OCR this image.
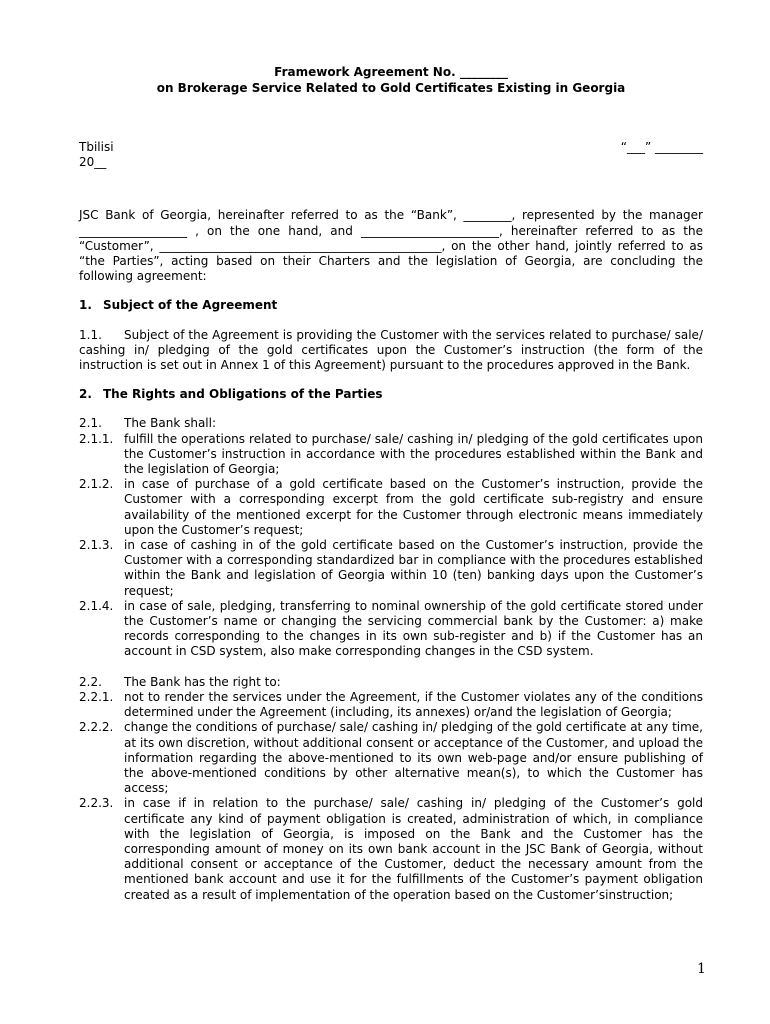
Framework Agreement No. ________

on Brokerage Service Related to Gold Certificates Existing in Georgia

Tbilisi	“___” ________
20__

JSC Bank of Georgia, hereinafter referred to as the “Bank”, ________, represented by the manager __________________ , on the one hand, and _______________________, hereinafter referred to as the “Customer”, _______________________________________________, on the other hand, jointly referred to as “the Parties”, acting based on their Charters and the legislation of Georgia, are concluding the following agreement:

1. Subject of the Agreement

1.1. Subject of the Agreement is providing the Customer with the services related to purchase/ sale/ cashing in/ pledging of the gold certificates upon the Customer’s instruction (the form of the instruction is set out in Annex 1 of this Agreement) pursuant to the procedures approved in the Bank.

2. The Rights and Obligations of the Parties
2.1.	The Bank shall:
2.1.1. fulfill the operations related to purchase/ sale/ cashing in/ pledging of the gold certificates upon the Customer’s instruction in accordance with the procedures established within the Bank and the legislation of Georgia;
2.1.2. in case of purchase of a gold certificate based on the Customer’s instruction, provide the Customer with a corresponding excerpt from the gold certificate sub-registry and ensure availability of the mentioned excerpt for the Customer through electronic means immediately upon the Customer’s request;
2.1.3. in case of cashing in of the gold certificate based on the Customer’s instruction, provide the Customer with a corresponding standardized bar in compliance with the procedures established within the Bank and legislation of Georgia within 10 (ten) banking days upon the Customer’s request;
2.1.4. in case of sale, pledging, transferring to nominal ownership of the gold certificate stored under the Customer’s name or changing the servicing commercial bank by the Customer: a) make records corresponding to the changes in its own sub-register and b) if the Customer has an account in CSD system, also make corresponding changes in the CSD system.
2.2.	The Bank has the right to:
2.2.1. not to render the services under the Agreement, if the Customer violates any of the conditions determined under the Agreement (including, its annexes) or/and the legislation of Georgia;
2.2.2. change the conditions of purchase/ sale/ cashing in/ pledging of the gold certificate at any time, at its own discretion, without additional consent or acceptance of the Customer, and upload the information regarding the above-mentioned to its own web-page and/or ensure publishing of the above-mentioned conditions by other alternative mean(s), to which the Customer has access;
2.2.3. in case if in relation to the purchase/ sale/ cashing in/ pledging of the Customer’s gold certificate any kind of payment obligation is created, administration of which, in compliance with the legislation of Georgia, is imposed on the Bank and the Customer has the corresponding amount of money on its own bank account in the JSC Bank of Georgia, without additional consent or acceptance of the Customer, deduct the necessary amount from the mentioned bank account and use it for the fulfillments of the Customer’s payment obligation created as a result of implementation of the operation based on the Customer’sinstruction;
1
